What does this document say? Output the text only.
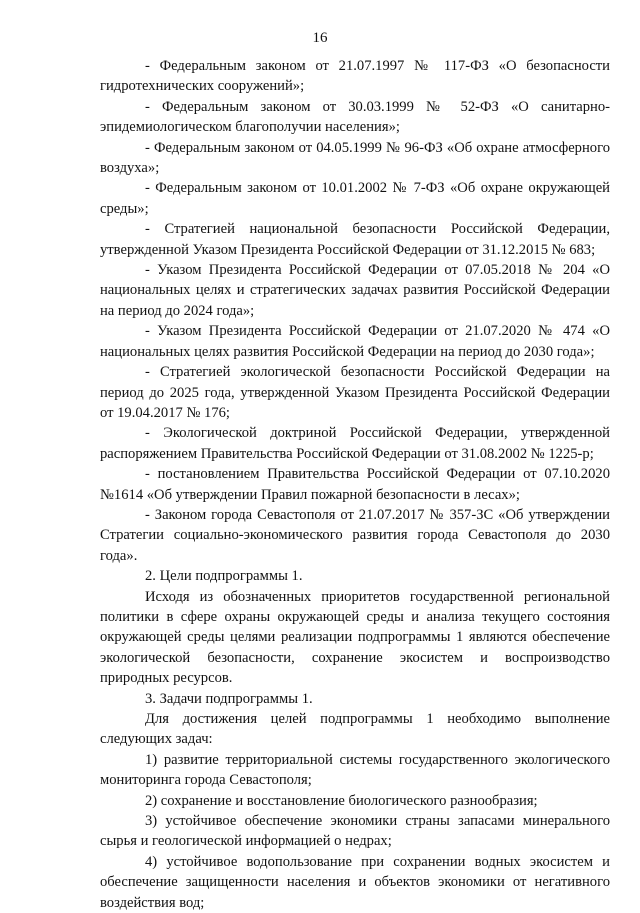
16

- Федеральным законом от 21.07.1997 № 117-ФЗ «О безопасности гидротехнических сооружений»;

- Федеральным законом от 30.03.1999 № 52-ФЗ «О санитарно-эпидемиологическом благополучии населения»;

- Федеральным законом от 04.05.1999 № 96-ФЗ «Об охране атмосферного воздуха»;

- Федеральным законом от 10.01.2002 № 7-ФЗ «Об охране окружающей среды»;

- Стратегией национальной безопасности Российской Федерации, утвержденной Указом Президента Российской Федерации от 31.12.2015 № 683;

- Указом Президента Российской Федерации от 07.05.2018 № 204 «О национальных целях и стратегических задачах развития Российской Федерации на период до 2024 года»;

- Указом Президента Российской Федерации от 21.07.2020 № 474 «О национальных целях развития Российской Федерации на период до 2030 года»;

- Стратегией экологической безопасности Российской Федерации на период до 2025 года, утвержденной Указом Президента Российской Федерации от 19.04.2017 № 176;

- Экологической доктриной Российской Федерации, утвержденной распоряжением Правительства Российской Федерации от 31.08.2002 № 1225-р;

- постановлением Правительства Российской Федерации от 07.10.2020 №1614 «Об утверждении Правил пожарной безопасности в лесах»;

- Законом города Севастополя от 21.07.2017 № 357-ЗС «Об утверждении Стратегии социально-экономического развития города Севастополя до 2030 года».

2. Цели подпрограммы 1.

Исходя из обозначенных приоритетов государственной региональной политики в сфере охраны окружающей среды и анализа текущего состояния окружающей среды целями реализации подпрограммы 1 являются обеспечение экологической безопасности, сохранение экосистем и воспроизводство природных ресурсов.

3. Задачи подпрограммы 1.

Для достижения целей подпрограммы 1 необходимо выполнение следующих задач:

1) развитие территориальной системы государственного экологического мониторинга города Севастополя;

2) сохранение и восстановление биологического разнообразия;

3) устойчивое обеспечение экономики страны запасами минерального сырья и геологической информацией о недрах;

4) устойчивое водопользование при сохранении водных экосистем и обеспечение защищенности населения и объектов экономики от негативного воздействия вод;
